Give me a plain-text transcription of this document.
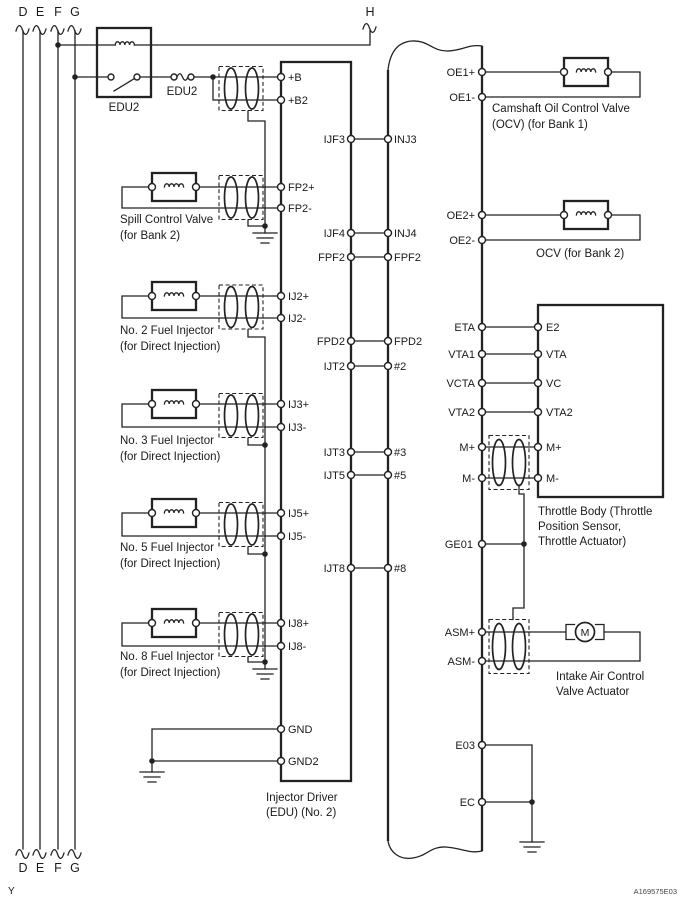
D E F G
D E F G
H
EDU2
EDU2
Spill Control Valve
(for Bank 2)
No. 2 Fuel Injector
(for Direct Injection)
No. 3 Fuel Injector
(for Direct Injection)
No. 5 Fuel Injector
(for Direct Injection)
No. 8 Fuel Injector
(for Direct Injection)
+B
+B2
FP2+
FP2-
IJ2+
IJ2-
IJ3+
IJ3-
IJ5+
IJ5-
IJ8+
IJ8-
GND
GND2
IJF3
IJF4
FPF2
FPD2
IJT2
IJT3
IJT5
IJT8
Injector Driver
(EDU) (No. 2)
INJ3
INJ4
FPF2
FPD2
#2
#3
#5
#8
OE1+
OE1-
OE2+
OE2-
ETA
VTA1
VCTA
VTA2
M+
M-
GE01
ASM+
ASM-
E03
EC
Camshaft Oil Control Valve
(OCV) (for Bank 1)
OCV (for Bank 2)
E2
VTA
VC
VTA2
M+
M-
Throttle Body (Throttle
Position Sensor,
Throttle Actuator)
M
Intake Air Control
Valve Actuator
Y	A169575E03
